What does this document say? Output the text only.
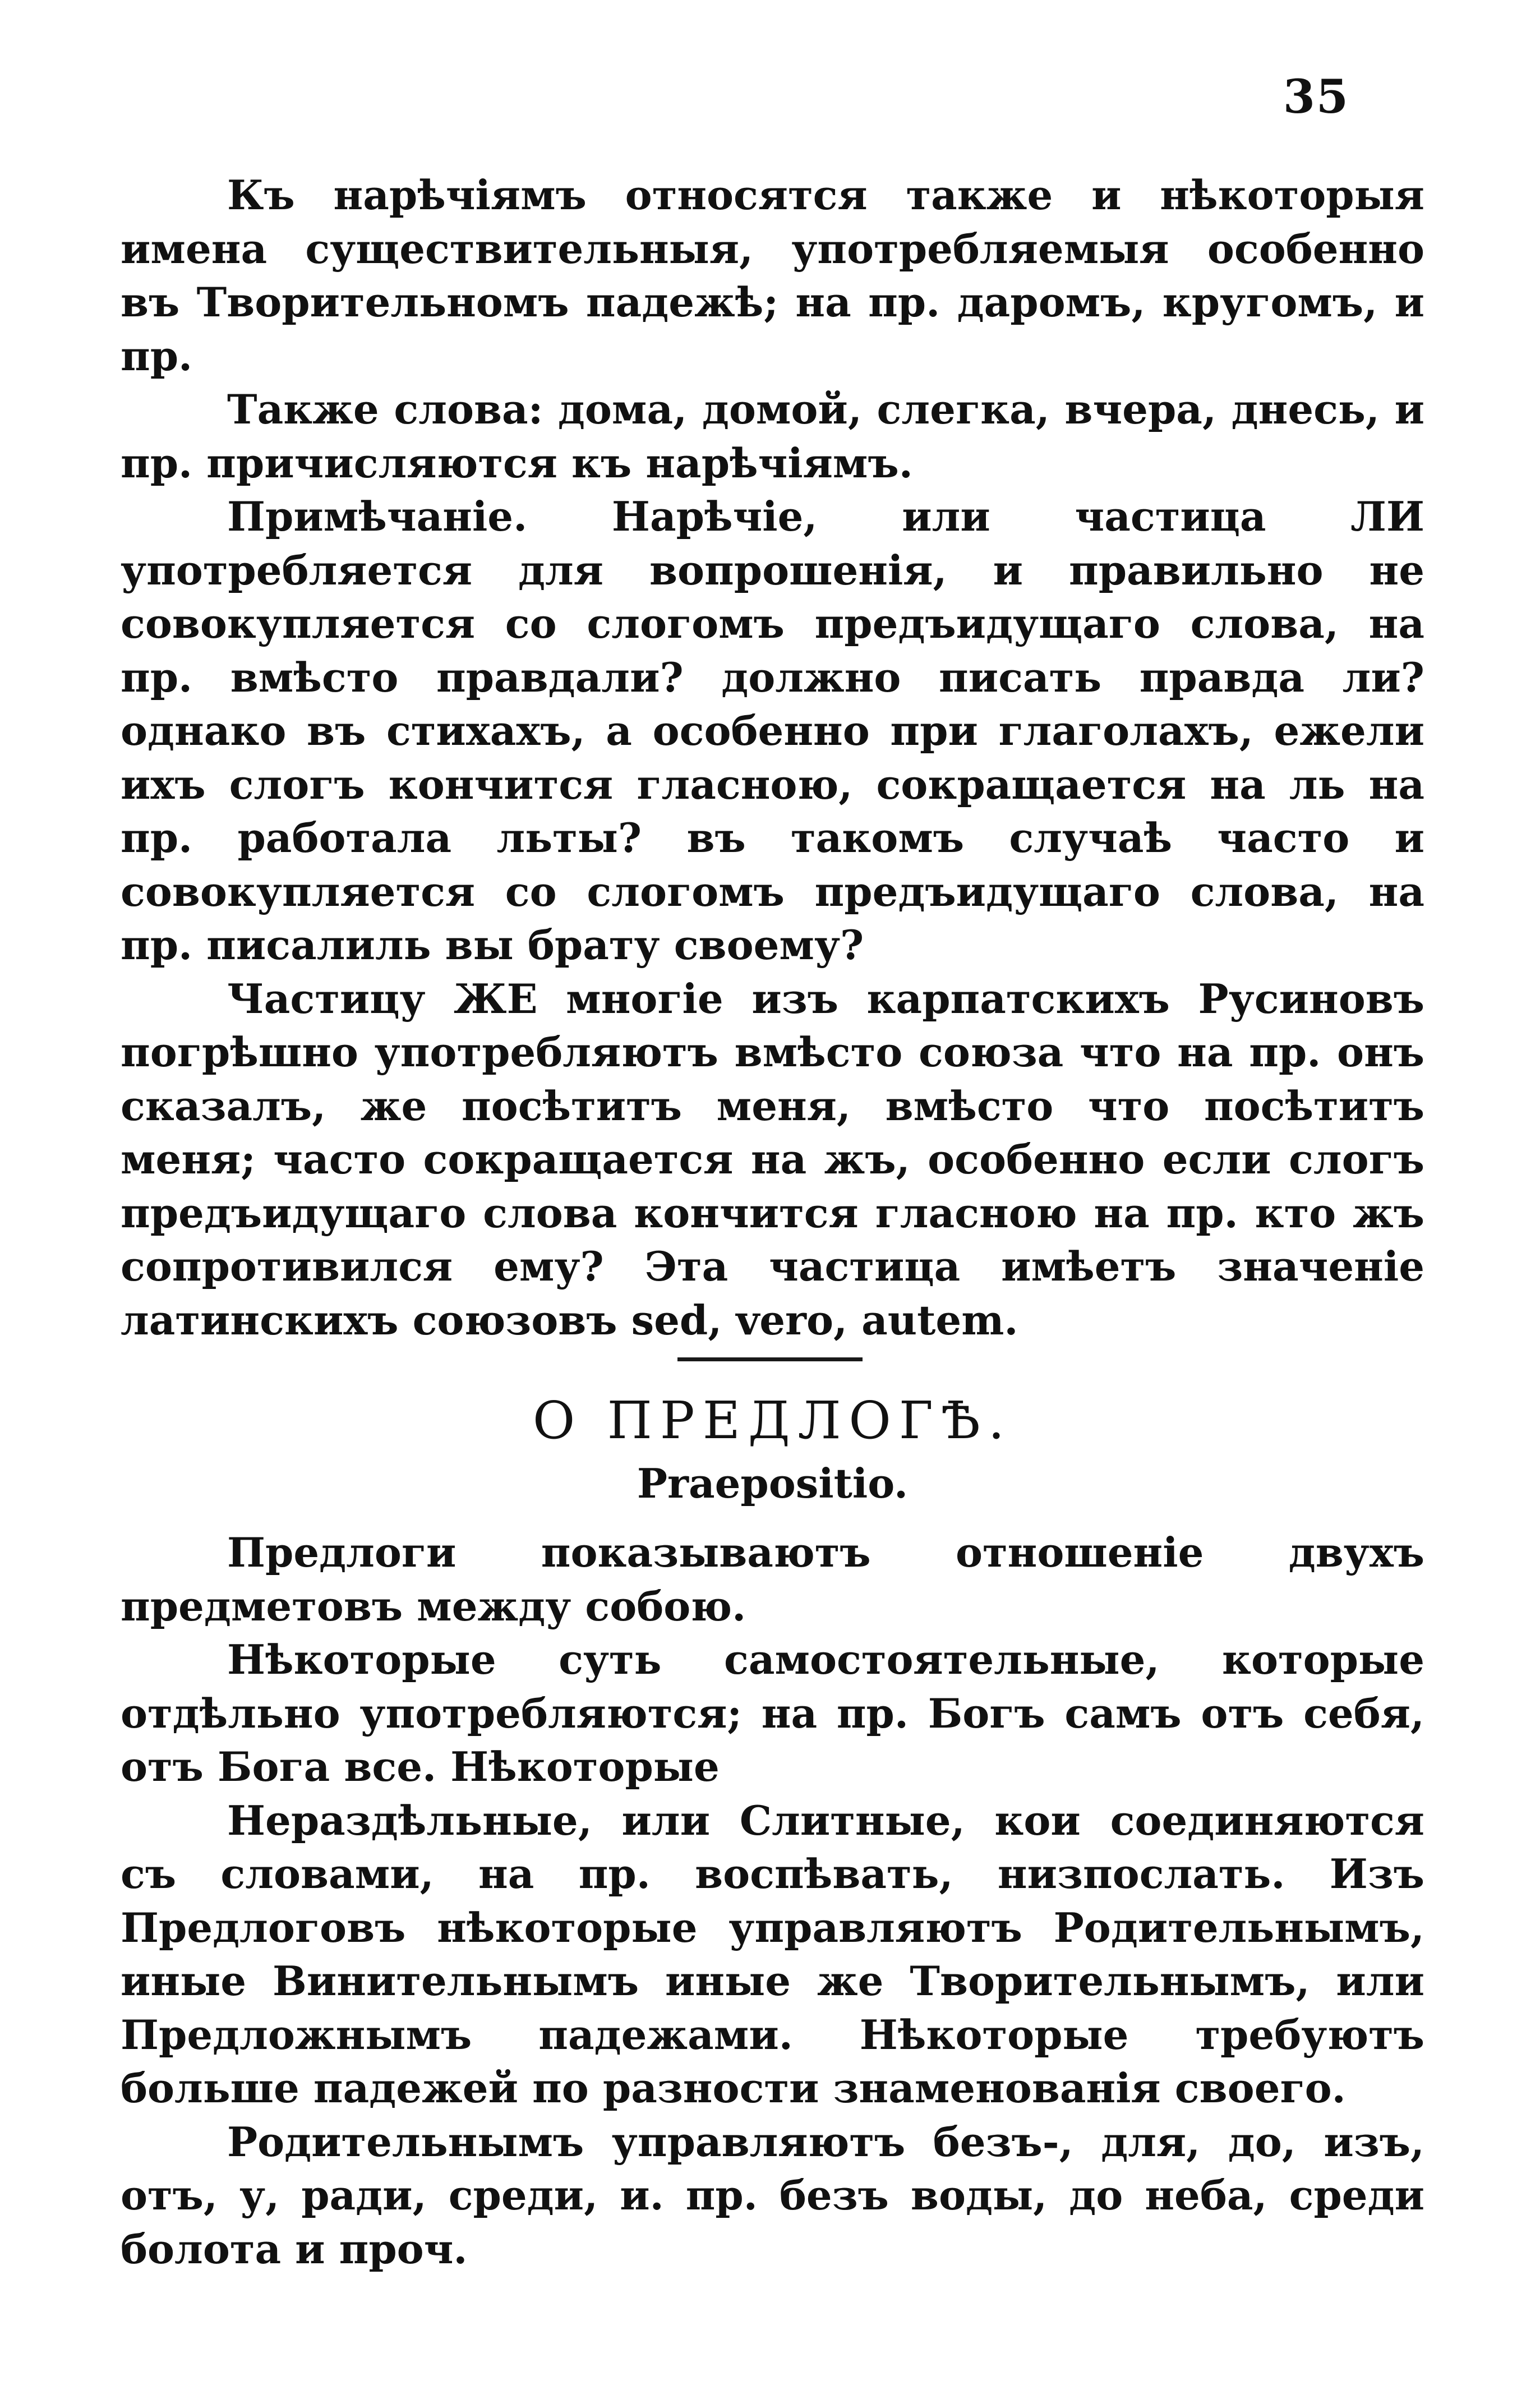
35

Къ нарѣчіямъ относятся также и нѣкоторыя имена существительныя, употребляемыя особенно въ Творительномъ падежѣ; на пр. даромъ, кругомъ, и пр.

Также слова: дома, домой, слегка, вчера, днесь, и пр. причисляются къ нарѣчіямъ.

Примѣчаніе. Нарѣчіе, или частица ЛИ употребляется для вопрошенія, и правильно не совокупляется со слогомъ предъидущаго слова, на пр. вмѣсто правдали? должно писать правда ли? однако въ стихахъ, а особенно при глаголахъ, ежели ихъ слогъ кончится гласною, сокращается на ль на пр. работала льты? въ такомъ случаѣ часто и совокупляется со слогомъ предъидущаго слова, на пр. писалиль вы брату своему?

Частицу ЖЕ многіе изъ карпатскихъ Русиновъ погрѣшно употребляютъ вмѣсто союза что на пр. онъ сказалъ, же посѣтитъ меня, вмѣсто что посѣтитъ меня; часто сокращается на жъ, особенно если слогъ предъидущаго слова кончится гласною на пр. кто жъ сопротивился ему? Эта частица имѣетъ значеніе латинскихъ союзовъ sed, vero, autem.

О ПРЕДЛОГѢ.
Praepositio.

Предлоги показываютъ отношеніе двухъ предметовъ между собою.

Нѣкоторые суть самостоятельные, которые отдѣльно употребляются; на пр. Богъ самъ отъ себя, отъ Бога все. Нѣкоторые

Нераздѣльные, или Слитные, кои соединяются съ словами, на пр. воспѣвать, низпослать. Изъ Предлоговъ нѣкоторые управляютъ Родительнымъ, иные Винительнымъ иные же Творительнымъ, или Предложнымъ падежами. Нѣкоторые требуютъ больше падежей по разности знаменованія своего.

Родительнымъ управляютъ безъ-, для, до, изъ, отъ, у, ради, среди, и. пр. безъ воды, до неба, среди болота и проч.
